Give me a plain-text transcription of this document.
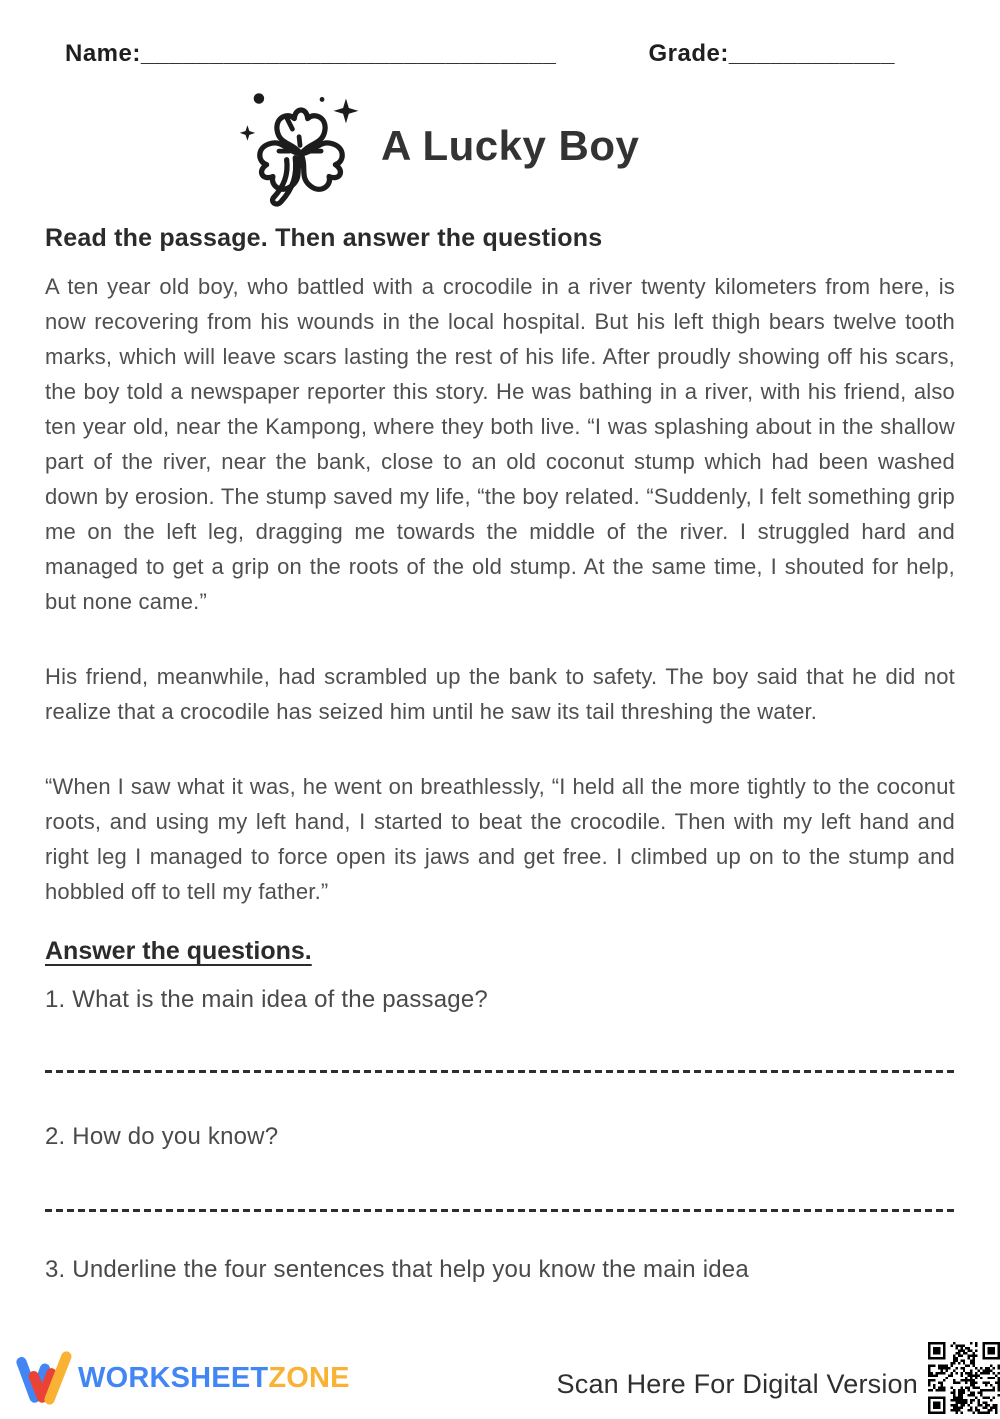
Name:______________________________	Grade:____________
A Lucky Boy
Read the passage. Then answer the questions

A ten year old boy, who battled with a crocodile in a river twenty kilometers from here, is now recovering from his wounds in the local hospital. But his left thigh bears twelve tooth marks, which will leave scars lasting the rest of his life. After proudly showing off his scars, the boy told a newspaper reporter this story. He was bathing in a river, with his friend, also ten year old, near the Kampong, where they both live. “I was splashing about in the shallow part of the river, near the bank, close to an old coconut stump which had been washed down by erosion. The stump saved my life, “the boy related. “Suddenly, I felt something grip me on the left leg, dragging me towards the middle of the river. I struggled hard and managed to get a grip on the roots of the old stump. At the same time, I shouted for help, but none came.”

His friend, meanwhile, had scrambled up the bank to safety. The boy said that he did not realize that a crocodile has seized him until he saw its tail threshing the water.

“When I saw what it was, he went on breathlessly, “I held all the more tightly to the coconut roots, and using my left hand, I started to beat the crocodile. Then with my left hand and right leg I managed to force open its jaws and get free. I climbed up on to the stump and hobbled off to tell my father.”

Answer the questions.
1. What is the main idea of the passage?
2. How do you know?
3. Underline the four sentences that help you know the main idea
WORKSHEETZONE	Scan Here For Digital Version
